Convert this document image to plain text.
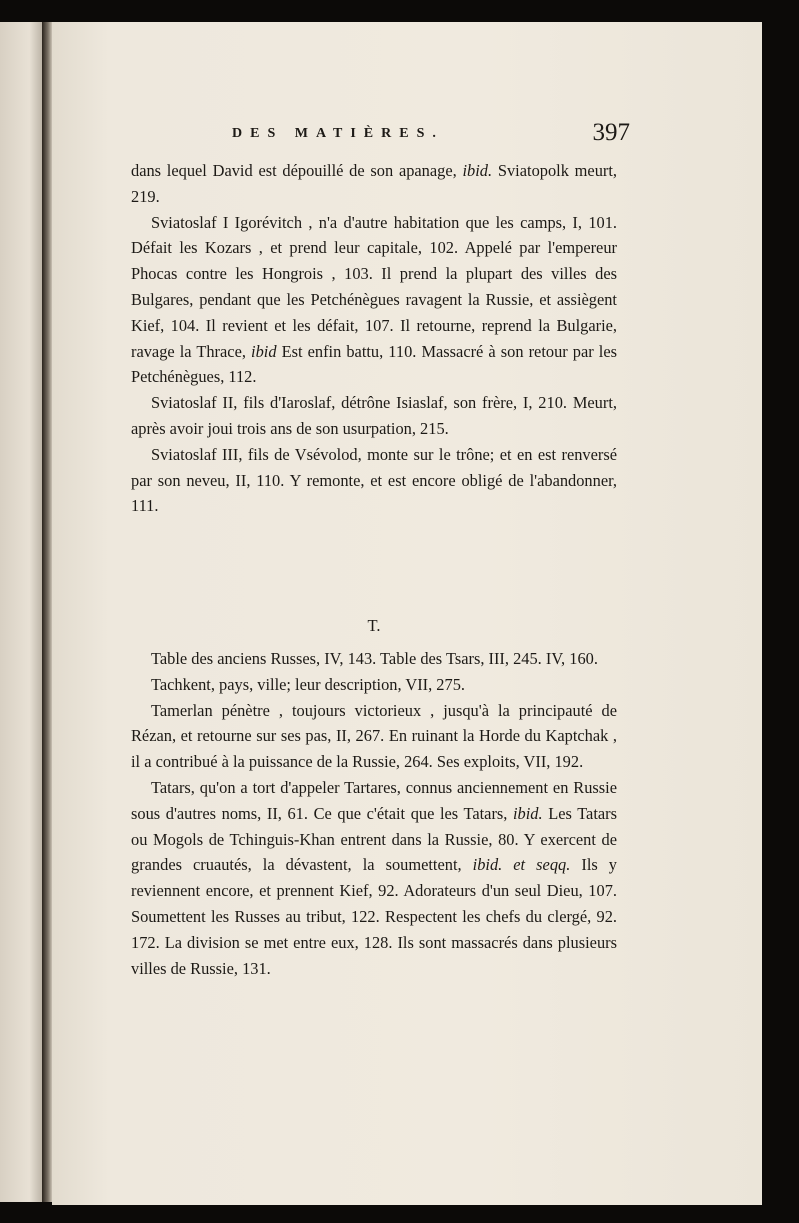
DES MATIÈRES.	397

dans lequel David est dépouillé de son apanage, ibid. Sviatopolk meurt, 219.

Sviatoslaf I Igorévitch , n'a d'autre habitation que les camps, I, 101. Défait les Kozars , et prend leur capitale, 102. Appelé par l'empereur Phocas contre les Hongrois , 103. Il prend la plupart des villes des Bulgares, pendant que les Petchénègues ravagent la Russie, et assiègent Kief, 104. Il revient et les défait, 107. Il retourne, reprend la Bulgarie, ravage la Thrace, ibid Est enfin battu, 110. Massacré à son retour par les Petchénègues, 112.

Sviatoslaf II, fils d'Iaroslaf, détrône Isiaslaf, son frère, I, 210. Meurt, après avoir joui trois ans de son usurpation, 215.

Sviatoslaf III, fils de Vsévolod, monte sur le trône; et en est renversé par son neveu, II, 110. Y remonte, et est encore obligé de l'abandonner, 111.

T.

Table des anciens Russes, IV, 143. Table des Tsars, III, 245. IV, 160.

Tachkent, pays, ville; leur description, VII, 275.

Tamerlan pénètre , toujours victorieux , jusqu'à la principauté de Rézan, et retourne sur ses pas, II, 267. En ruinant la Horde du Kaptchak , il a contribué à la puissance de la Russie, 264. Ses exploits, VII, 192.

Tatars, qu'on a tort d'appeler Tartares, connus anciennement en Russie sous d'autres noms, II, 61. Ce que c'était que les Tatars, ibid. Les Tatars ou Mogols de Tchinguis-Khan entrent dans la Russie, 80. Y exercent de grandes cruautés, la dévastent, la soumettent, ibid. et seqq. Ils y reviennent encore, et prennent Kief, 92. Adorateurs d'un seul Dieu, 107. Soumettent les Russes au tribut, 122. Respectent les chefs du clergé, 92. 172. La division se met entre eux, 128. Ils sont massacrés dans plusieurs villes de Russie, 131.
